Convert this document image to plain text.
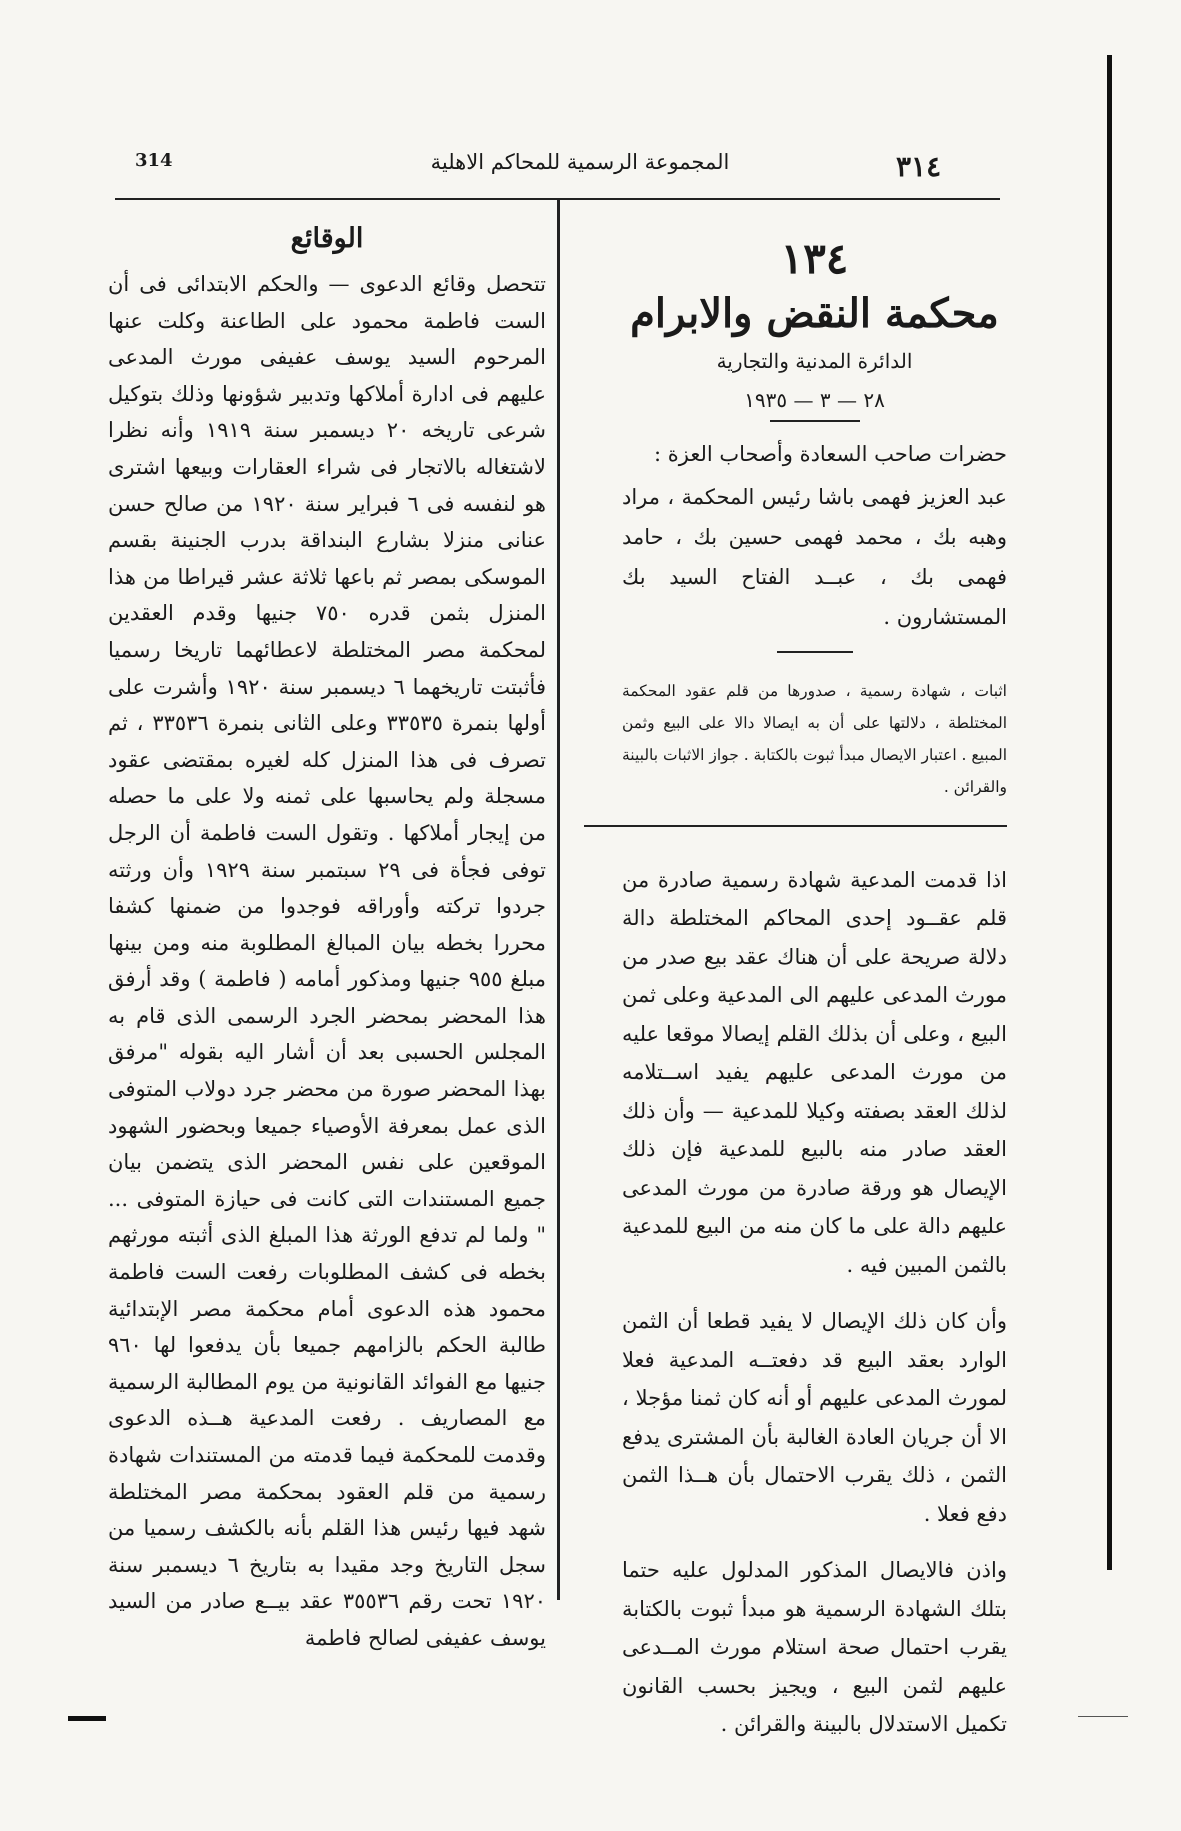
314	المجموعة الرسمية للمحاكم الاهلية	٣١٤
الوقائع

تتحصل وقائع الدعوى — والحكم الابتدائى فى أن الست فاطمة محمود على الطاعنة وكلت عنها المرحوم السيد يوسف عفيفى مورث المدعى عليهم فى ادارة أملاكها وتدبير شؤونها وذلك بتوكيل شرعى تاريخه ٢٠ ديسمبر سنة ١٩١٩ وأنه نظرا لاشتغاله بالاتجار فى شراء العقارات وبيعها اشترى هو لنفسه فى ٦ فبراير سنة ١٩٢٠ من صالح حسن عنانى منزلا بشارع البنداقة بدرب الجنينة بقسم الموسكى بمصر ثم باعها ثلاثة عشر قيراطا من هذا المنزل بثمن قدره ٧٥٠ جنيها وقدم العقدين لمحكمة مصر المختلطة لاعطائهما تاريخا رسميا فأثبتت تاريخهما ٦ ديسمبر سنة ١٩٢٠ وأشرت على أولها بنمرة ٣٣٥٣٥ وعلى الثانى بنمرة ٣٣٥٣٦ ، ثم تصرف فى هذا المنزل كله لغيره بمقتضى عقود مسجلة ولم يحاسبها على ثمنه ولا على ما حصله من إيجار أملاكها . وتقول الست فاطمة أن الرجل توفى فجأة فى ٢٩ سبتمبر سنة ١٩٢٩ وأن ورثته جردوا تركته وأوراقه فوجدوا من ضمنها كشفا محررا بخطه بيان المبالغ المطلوبة منه ومن بينها مبلغ ٩٥٥ جنيها ومذكور أمامه ( فاطمة ) وقد أرفق هذا المحضر بمحضر الجرد الرسمى الذى قام به المجلس الحسبى بعد أن أشار اليه بقوله "مرفق بهذا المحضر صورة من محضر جرد دولاب المتوفى الذى عمل بمعرفة الأوصياء جميعا وبحضور الشهود الموقعين على نفس المحضر الذى يتضمن بيان جميع المستندات التى كانت فى حيازة المتوفى ... " ولما لم تدفع الورثة هذا المبلغ الذى أثبته مورثهم بخطه فى كشف المطلوبات رفعت الست فاطمة محمود هذه الدعوى أمام محكمة مصر الإبتدائية طالبة الحكم بالزامهم جميعا بأن يدفعوا لها ٩٦٠ جنيها مع الفوائد القانونية من يوم المطالبة الرسمية مع المصاريف . رفعت المدعية هــذه الدعوى وقدمت للمحكمة فيما قدمته من المستندات شهادة رسمية من قلم العقود بمحكمة مصر المختلطة شهد فيها رئيس هذا القلم بأنه بالكشف رسميا من سجل التاريخ وجد مقيدا به بتاريخ ٦ ديسمبر سنة ١٩٢٠ تحت رقم ٣٥٥٣٦ عقد بيــع صادر من السيد يوسف عفيفى لصالح فاطمة

١٣٤
محكمة النقض والابرام
الدائرة المدنية والتجارية
٢٨ — ٣ — ١٩٣٥
حضرات صاحب السعادة وأصحاب العزة :

عبد العزيز فهمى باشا رئيس المحكمة ، مراد وهبه بك ، محمد فهمى حسين بك ، حامد فهمى بك ، عبــد الفتاح السيد بك المستشارون .

اثبات ، شهادة رسمية ، صدورها من قلم عقود المحكمة المختلطة ، دلالتها على أن به ايصالا دالا على البيع وثمن المبيع . اعتبار الايصال مبدأ ثبوت بالكتابة . جواز الاثبات بالبينة والقرائن .

اذا قدمت المدعية شهادة رسمية صادرة من قلم عقــود إحدى المحاكم المختلطة دالة دلالة صريحة على أن هناك عقد بيع صدر من مورث المدعى عليهم الى المدعية وعلى ثمن البيع ، وعلى أن بذلك القلم إيصالا موقعا عليه من مورث المدعى عليهم يفيد اســتلامه لذلك العقد بصفته وكيلا للمدعية — وأن ذلك العقد صادر منه بالبيع للمدعية فإن ذلك الإيصال هو ورقة صادرة من مورث المدعى عليهم دالة على ما كان منه من البيع للمدعية بالثمن المبين فيه .

وأن كان ذلك الإيصال لا يفيد قطعا أن الثمن الوارد بعقد البيع قد دفعتــه المدعية فعلا لمورث المدعى عليهم أو أنه كان ثمنا مؤجلا ، الا أن جريان العادة الغالبة بأن المشترى يدفع الثمن ، ذلك يقرب الاحتمال بأن هــذا الثمن دفع فعلا .

واذن فالايصال المذكور المدلول عليه حتما بتلك الشهادة الرسمية هو مبدأ ثبوت بالكتابة يقرب احتمال صحة استلام مورث المــدعى عليهم لثمن البيع ، ويجيز بحسب القانون تكميل الاستدلال بالبينة والقرائن .
